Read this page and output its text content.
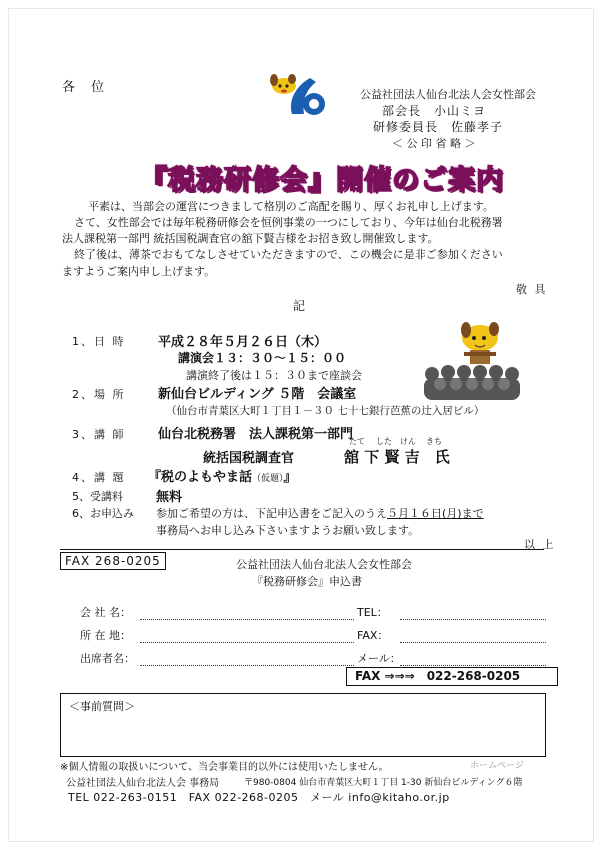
各 位	公益社団法人仙台北法人会女性部会
部会長　小山ミヨ
研修委員長　佐藤孝子
＜ 公 印 省 略 ＞
『税務研修会』開催のご案内
平素は、当部会の運営につきまして格別のご高配を賜り、厚くお礼申し上げます。
さて、女性部会では毎年税務研修会を恒例事業の一つにしており、今年は仙台北税務署
法人課税第一部門 統括国税調査官の舘下賢吉様をお招き致し開催致します。
終了後は、薄茶でおもてなしさせていただきますので、この機会に是非ご参加ください
ますようご案内申し上げます。
敬 具
記
1、日 時	平成２８年５月２６日（木）
講演会１３：３０～１５：００
講演終了後は１５：３０まで座談会
2、場 所	新仙台ビルディング ５階　会議室
（仙台市青葉区大町１丁目１－３０ 七十七銀行芭蕉の辻入居ビル）
3、講 師	仙台北税務署　法人課税第一部門
統括国税調査官
たて した けん きち
舘 下 賢 吉　氏
4、講 題 『税のよもやま話（仮題）』
5、受講料	無料
6、お申込み 参加ご希望の方は、下記申込書をご記入のうえ５月１６日(月)まで
事務局へお申し込み下さいますようお願い致します。
以 上
FAX 268-0205	公益社団法人仙台北法人会女性部会
『税務研修会』申込書
会 社 名：	TEL：
所 在 地：	FAX：
出席者名：	メール：
FAX ⇒⇒⇒　022-268-0205
＜事前質問＞
※個人情報の取扱いについて、当会事業目的以外には使用いたしません。	ホームページ
公益社団法人仙台北法人会 事務局	〒980-0804 仙台市青葉区大町１丁目 1-30 新仙台ビルディング６階
TEL 022-263-0151　FAX 022-268-0205　メール info@kitaho.or.jp
